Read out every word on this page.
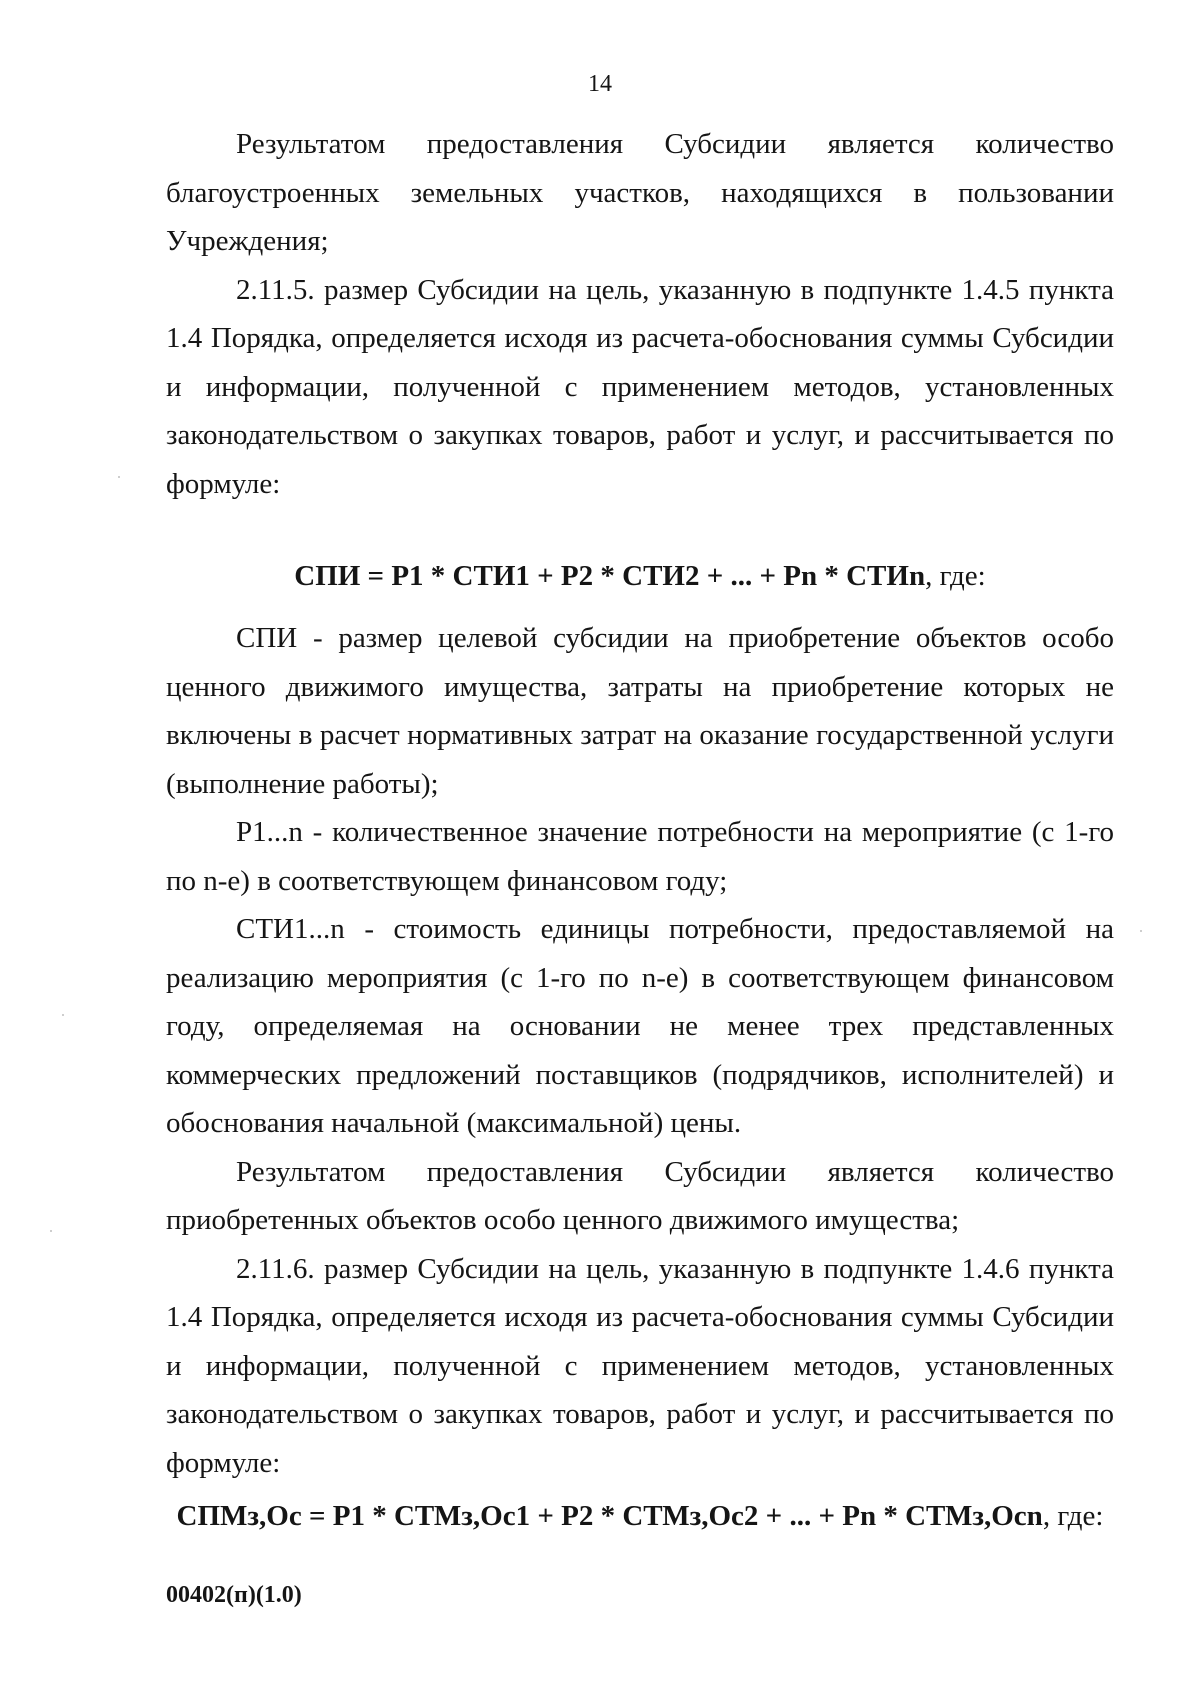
14

Результатом предоставления Субсидии является количество благоустроенных земельных участков, находящихся в пользовании Учреждения;

2.11.5. размер Субсидии на цель, указанную в подпункте 1.4.5 пункта 1.4 Порядка, определяется исходя из расчета-обоснования суммы Субсидии и информации, полученной с применением методов, установленных законодательством о закупках товаров, работ и услуг, и рассчитывается по формуле:

СПИ = Р1 * СТИ1 + Р2 * СТИ2 + ... + Рn * СТИn, где:

СПИ - размер целевой субсидии на приобретение объектов особо ценного движимого имущества, затраты на приобретение которых не включены в расчет нормативных затрат на оказание государственной услуги (выполнение работы);

Р1...n - количественное значение потребности на мероприятие (с 1-го по n-е) в соответствующем финансовом году;

СТИ1...n - стоимость единицы потребности, предоставляемой на реализацию мероприятия (с 1-го по n-е) в соответствующем финансовом году, определяемая на основании не менее трех представленных коммерческих предложений поставщиков (подрядчиков, исполнителей) и обоснования начальной (максимальной) цены.

Результатом предоставления Субсидии является количество приобретенных объектов особо ценного движимого имущества;

2.11.6. размер Субсидии на цель, указанную в подпункте 1.4.6 пункта 1.4 Порядка, определяется исходя из расчета-обоснования суммы Субсидии и информации, полученной с применением методов, установленных законодательством о закупках товаров, работ и услуг, и рассчитывается по формуле:

СПМз,Ос = Р1 * СТМз,Ос1 + Р2 * СТМз,Ос2 + ... + Рn * СТМз,Осn, где:

00402(п)(1.0)
